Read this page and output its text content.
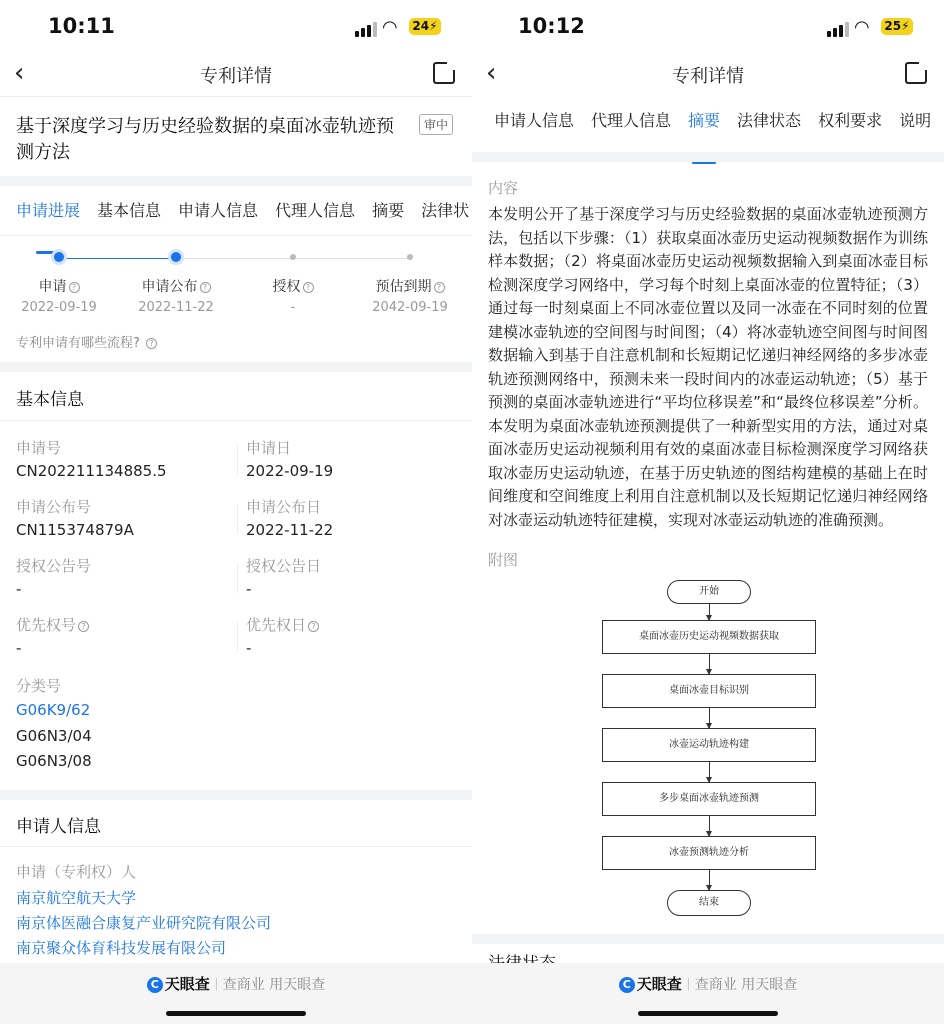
10:11	◠ 24⚡
‹	专利详情
基于深度学习与历史经验数据的桌面冰壶轨迹预测方法
审中
申请进展 基本信息 申请人信息 代理人信息 摘要 法律状
申请 ?
2022-09-19
申请公布 ?
2022-11-22
授权 ?
-
预估到期 ?
2042-09-19
专利申请有哪些流程? ?
基本信息
申请号
CN202211134885.5
申请日
2022-09-19
申请公布号
CN115374879A
申请公布日
2022-11-22
授权公告号
-
授权公告日
-
优先权号 ?
-
优先权日 ?
-
分类号
G06K9/62
G06N3/04
G06N3/08
申请人信息
申请（专利权）人
南京航空航天大学
南京体医融合康复产业研究院有限公司
南京聚众体育科技发展有限公司
C 天眼查 查商业 用天眼查
10:12	◠ 25⚡
‹	专利详情
申请人信息 代理人信息 摘要 法律状态 权利要求 说明
内容
本发明公开了基于深度学习与历史经验数据的桌面冰壶轨迹预测方法，包括以下步骤：（1）获取桌面冰壶历史运动视频数据作为训练样本数据；（2）将桌面冰壶历史运动视频数据输入到桌面冰壶目标检测深度学习网络中，学习每个时刻上桌面冰壶的位置特征；（3）通过每一时刻桌面上不同冰壶位置以及同一冰壶在不同时刻的位置建模冰壶轨迹的空间图与时间图；（4）将冰壶轨迹空间图与时间图数据输入到基于自注意机制和长短期记忆递归神经网络的多步冰壶轨迹预测网络中，预测未来一段时间内的冰壶运动轨迹；（5）基于预测的桌面冰壶轨迹进行“平均位移误差”和“最终位移误差”分析。本发明为桌面冰壶轨迹预测提供了一种新型实用的方法，通过对桌面冰壶历史运动视频利用有效的桌面冰壶目标检测深度学习网络获取冰壶历史运动轨迹，在基于历史轨迹的图结构建模的基础上在时间维度和空间维度上利用自注意机制以及长短期记忆递归神经网络对冰壶运动轨迹特征建模，实现对冰壶运动轨迹的准确预测。
附图
开始
桌面冰壶历史运动视频数据获取
桌面冰壶目标识别
冰壶运动轨迹构建
多步桌面冰壶轨迹预测
冰壶预测轨迹分析
结束
C 天眼查 查商业 用天眼查
